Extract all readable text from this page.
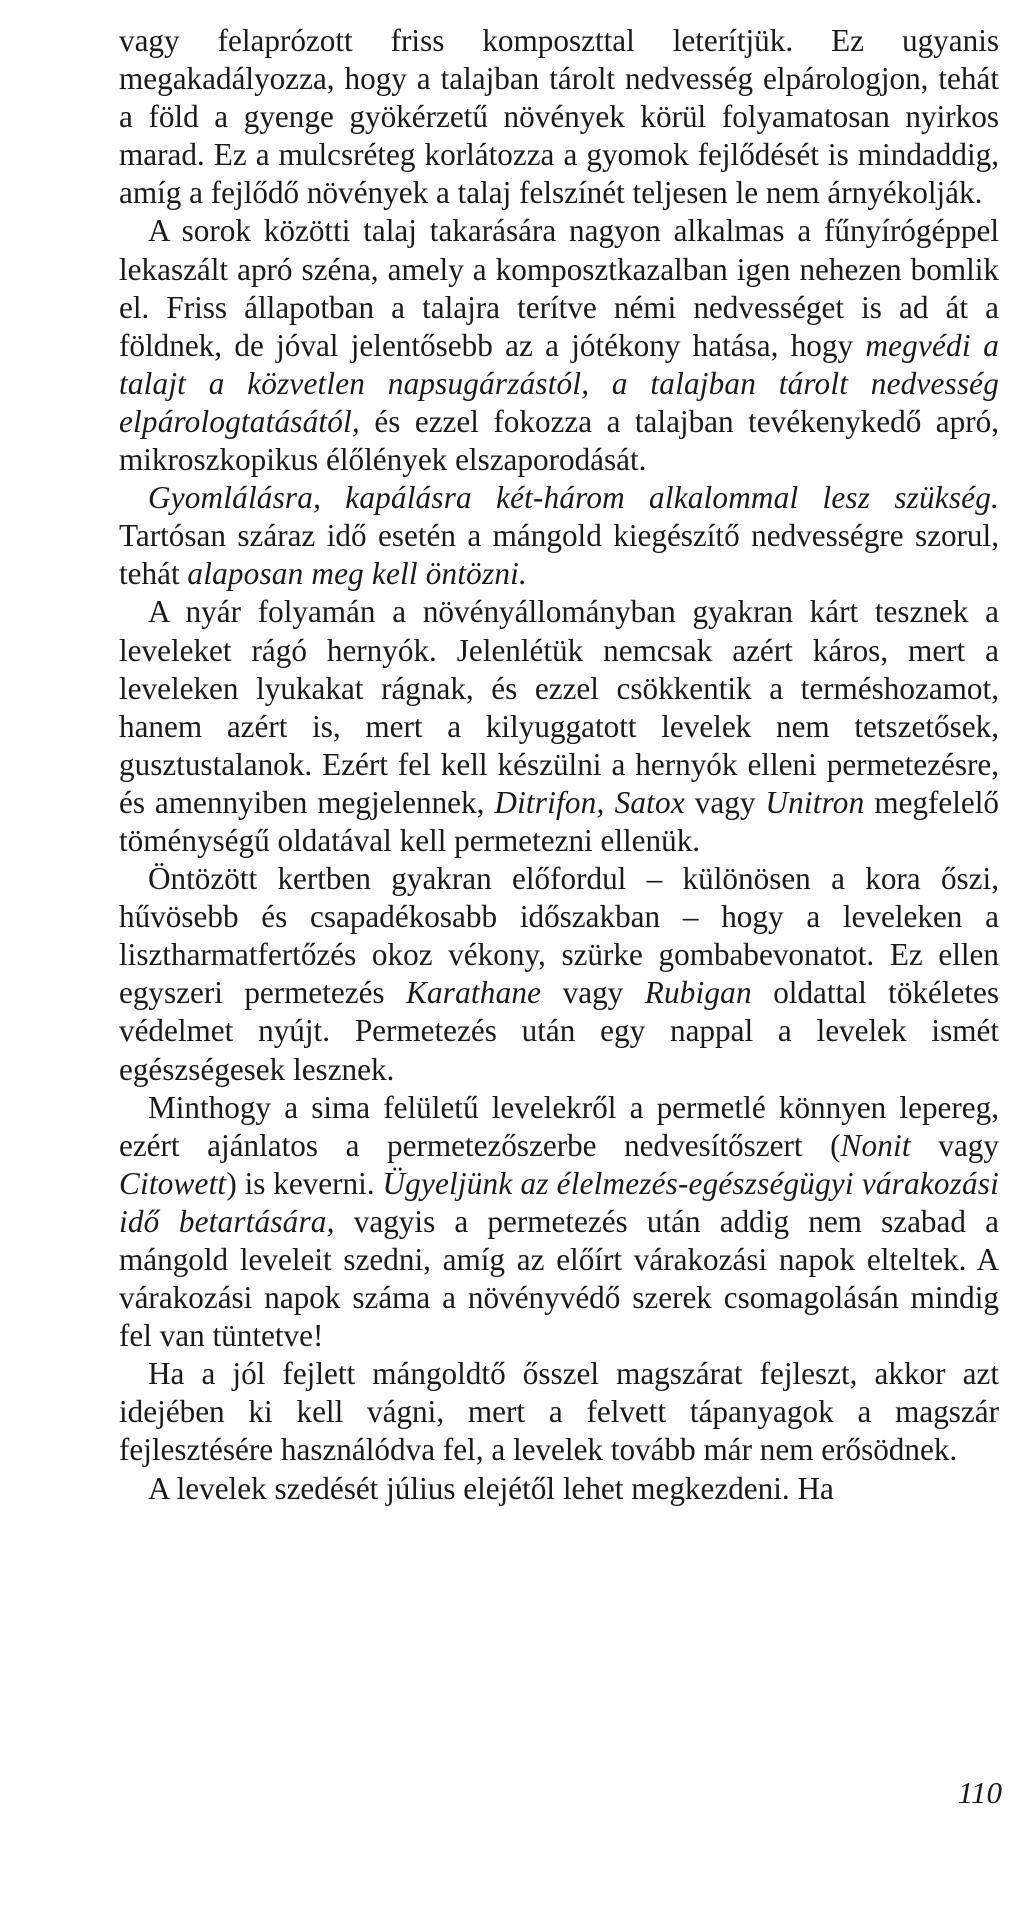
vagy felaprózott friss komposzttal leterítjük. Ez ugyanis megakadályozza, hogy a talajban tárolt nedvesség elpárologjon, tehát a föld a gyenge gyökérzetű növények körül folyamatosan nyirkos marad. Ez a mulcsréteg korlátozza a gyomok fejlődését is mindaddig, amíg a fejlődő növények a talaj felszínét teljesen le nem árnyékolják.

A sorok közötti talaj takarására nagyon alkalmas a fűnyírógéppel lekaszált apró széna, amely a komposztkazalban igen nehezen bomlik el. Friss állapotban a talajra terítve némi nedvességet is ad át a földnek, de jóval jelentősebb az a jótékony hatása, hogy megvédi a talajt a közvetlen napsugárzástól, a talajban tárolt nedvesség elpárologtatásától, és ezzel fokozza a talajban tevékenykedő apró, mikroszkopikus élőlények elszaporodását.

Gyomlálásra, kapálásra két-három alkalommal lesz szükség. Tartósan száraz idő esetén a mángold kiegészítő nedvességre szorul, tehát alaposan meg kell öntözni.

A nyár folyamán a növényállományban gyakran kárt tesznek a leveleket rágó hernyók. Jelenlétük nemcsak azért káros, mert a leveleken lyukakat rágnak, és ezzel csökkentik a terméshozamot, hanem azért is, mert a kilyuggatott levelek nem tetszetősek, gusztustalanok. Ezért fel kell készülni a hernyók elleni permetezésre, és amennyiben megjelennek, Ditrifon, Satox vagy Unitron megfelelő töménységű oldatával kell permetezni ellenük.

Öntözött kertben gyakran előfordul – különösen a kora őszi, hűvösebb és csapadékosabb időszakban – hogy a leveleken a lisztharmatfertőzés okoz vékony, szürke gombabevonatot. Ez ellen egyszeri permetezés Karathane vagy Rubigan oldattal tökéletes védelmet nyújt. Permetezés után egy nappal a levelek ismét egészségesek lesznek.

Minthogy a sima felületű levelekről a permetlé könnyen lepereg, ezért ajánlatos a permetezőszerbe nedvesítőszert (Nonit vagy Citowett) is keverni. Ügyeljünk az élelmezés-egészségügyi várakozási idő betartására, vagyis a permetezés után addig nem szabad a mángold leveleit szedni, amíg az előírt várakozási napok elteltek. A várakozási napok száma a növényvédő szerek csomagolásán mindig fel van tüntetve!

Ha a jól fejlett mángoldtő ősszel magszárat fejleszt, akkor azt idejében ki kell vágni, mert a felvett tápanyagok a magszár fejlesztésére használódva fel, a levelek tovább már nem erősödnek.

A levelek szedését július elejétől lehet megkezdeni. Ha

110
